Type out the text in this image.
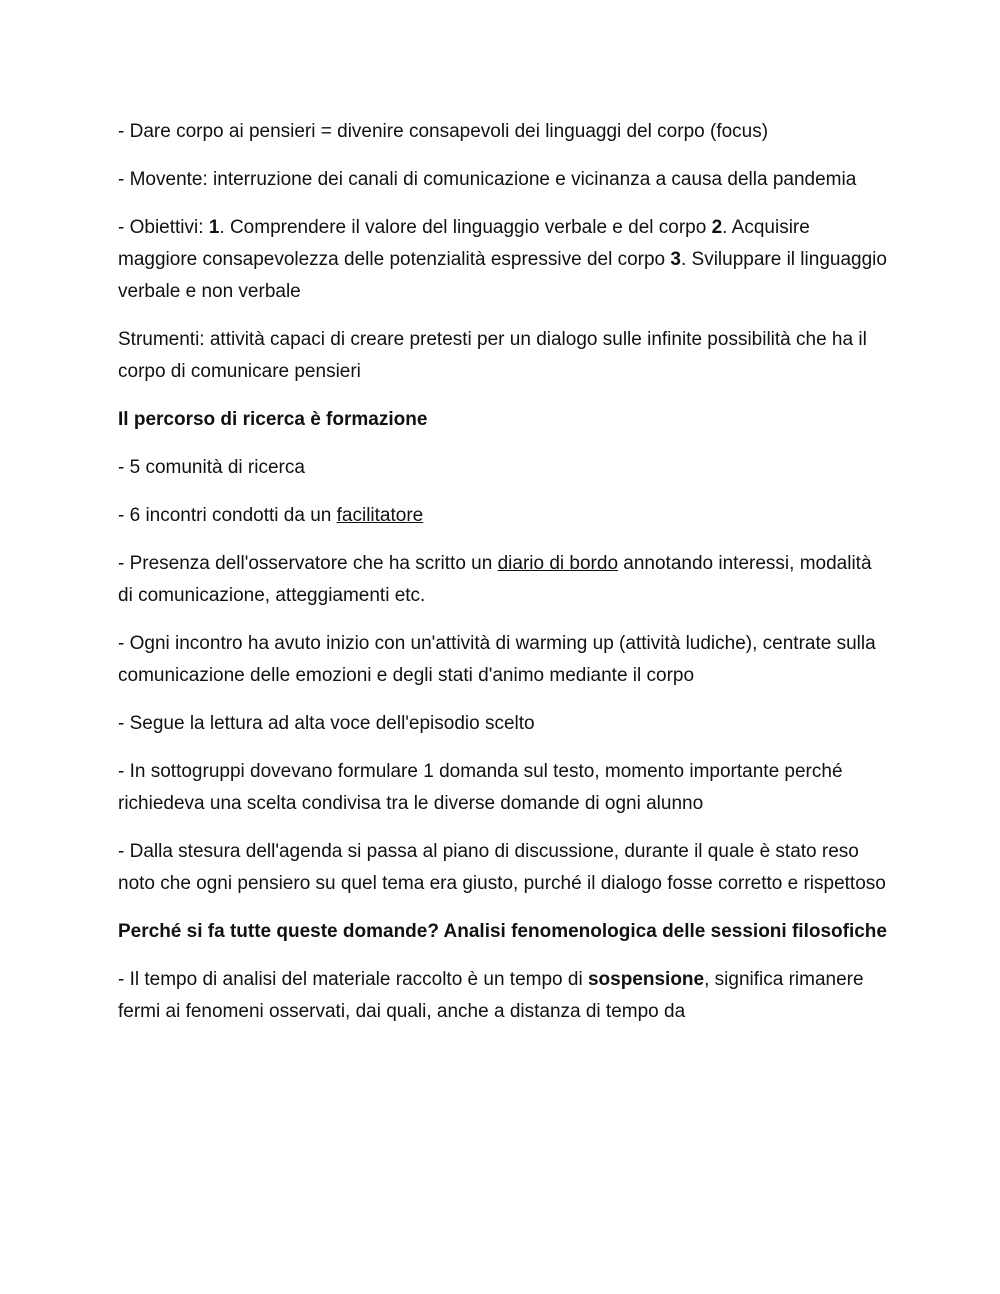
- Dare corpo ai pensieri = divenire consapevoli dei linguaggi del corpo (focus)

- Movente: interruzione dei canali di comunicazione e vicinanza a causa della pandemia

- Obiettivi: 1. Comprendere il valore del linguaggio verbale e del corpo 2. Acquisire maggiore consapevolezza delle potenzialità espressive del corpo 3. Sviluppare il linguaggio verbale e non verbale

Strumenti: attività capaci di creare pretesti per un dialogo sulle infinite possibilità che ha il corpo di comunicare pensieri

Il percorso di ricerca è formazione

- 5 comunità di ricerca

- 6 incontri condotti da un facilitatore

- Presenza dell'osservatore che ha scritto un diario di bordo annotando interessi, modalità di comunicazione, atteggiamenti etc.

- Ogni incontro ha avuto inizio con un'attività di warming up (attività ludiche), centrate sulla comunicazione delle emozioni e degli stati d'animo mediante il corpo

- Segue la lettura ad alta voce dell'episodio scelto

- In sottogruppi dovevano formulare 1 domanda sul testo, momento importante perché richiedeva una scelta condivisa tra le diverse domande di ogni alunno

- Dalla stesura dell'agenda si passa al piano di discussione, durante il quale è stato reso noto che ogni pensiero su quel tema era giusto, purché il dialogo fosse corretto e rispettoso

Perché si fa tutte queste domande? Analisi fenomenologica delle sessioni filosofiche

- Il tempo di analisi del materiale raccolto è un tempo di sospensione, significa rimanere fermi ai fenomeni osservati, dai quali, anche a distanza di tempo da
